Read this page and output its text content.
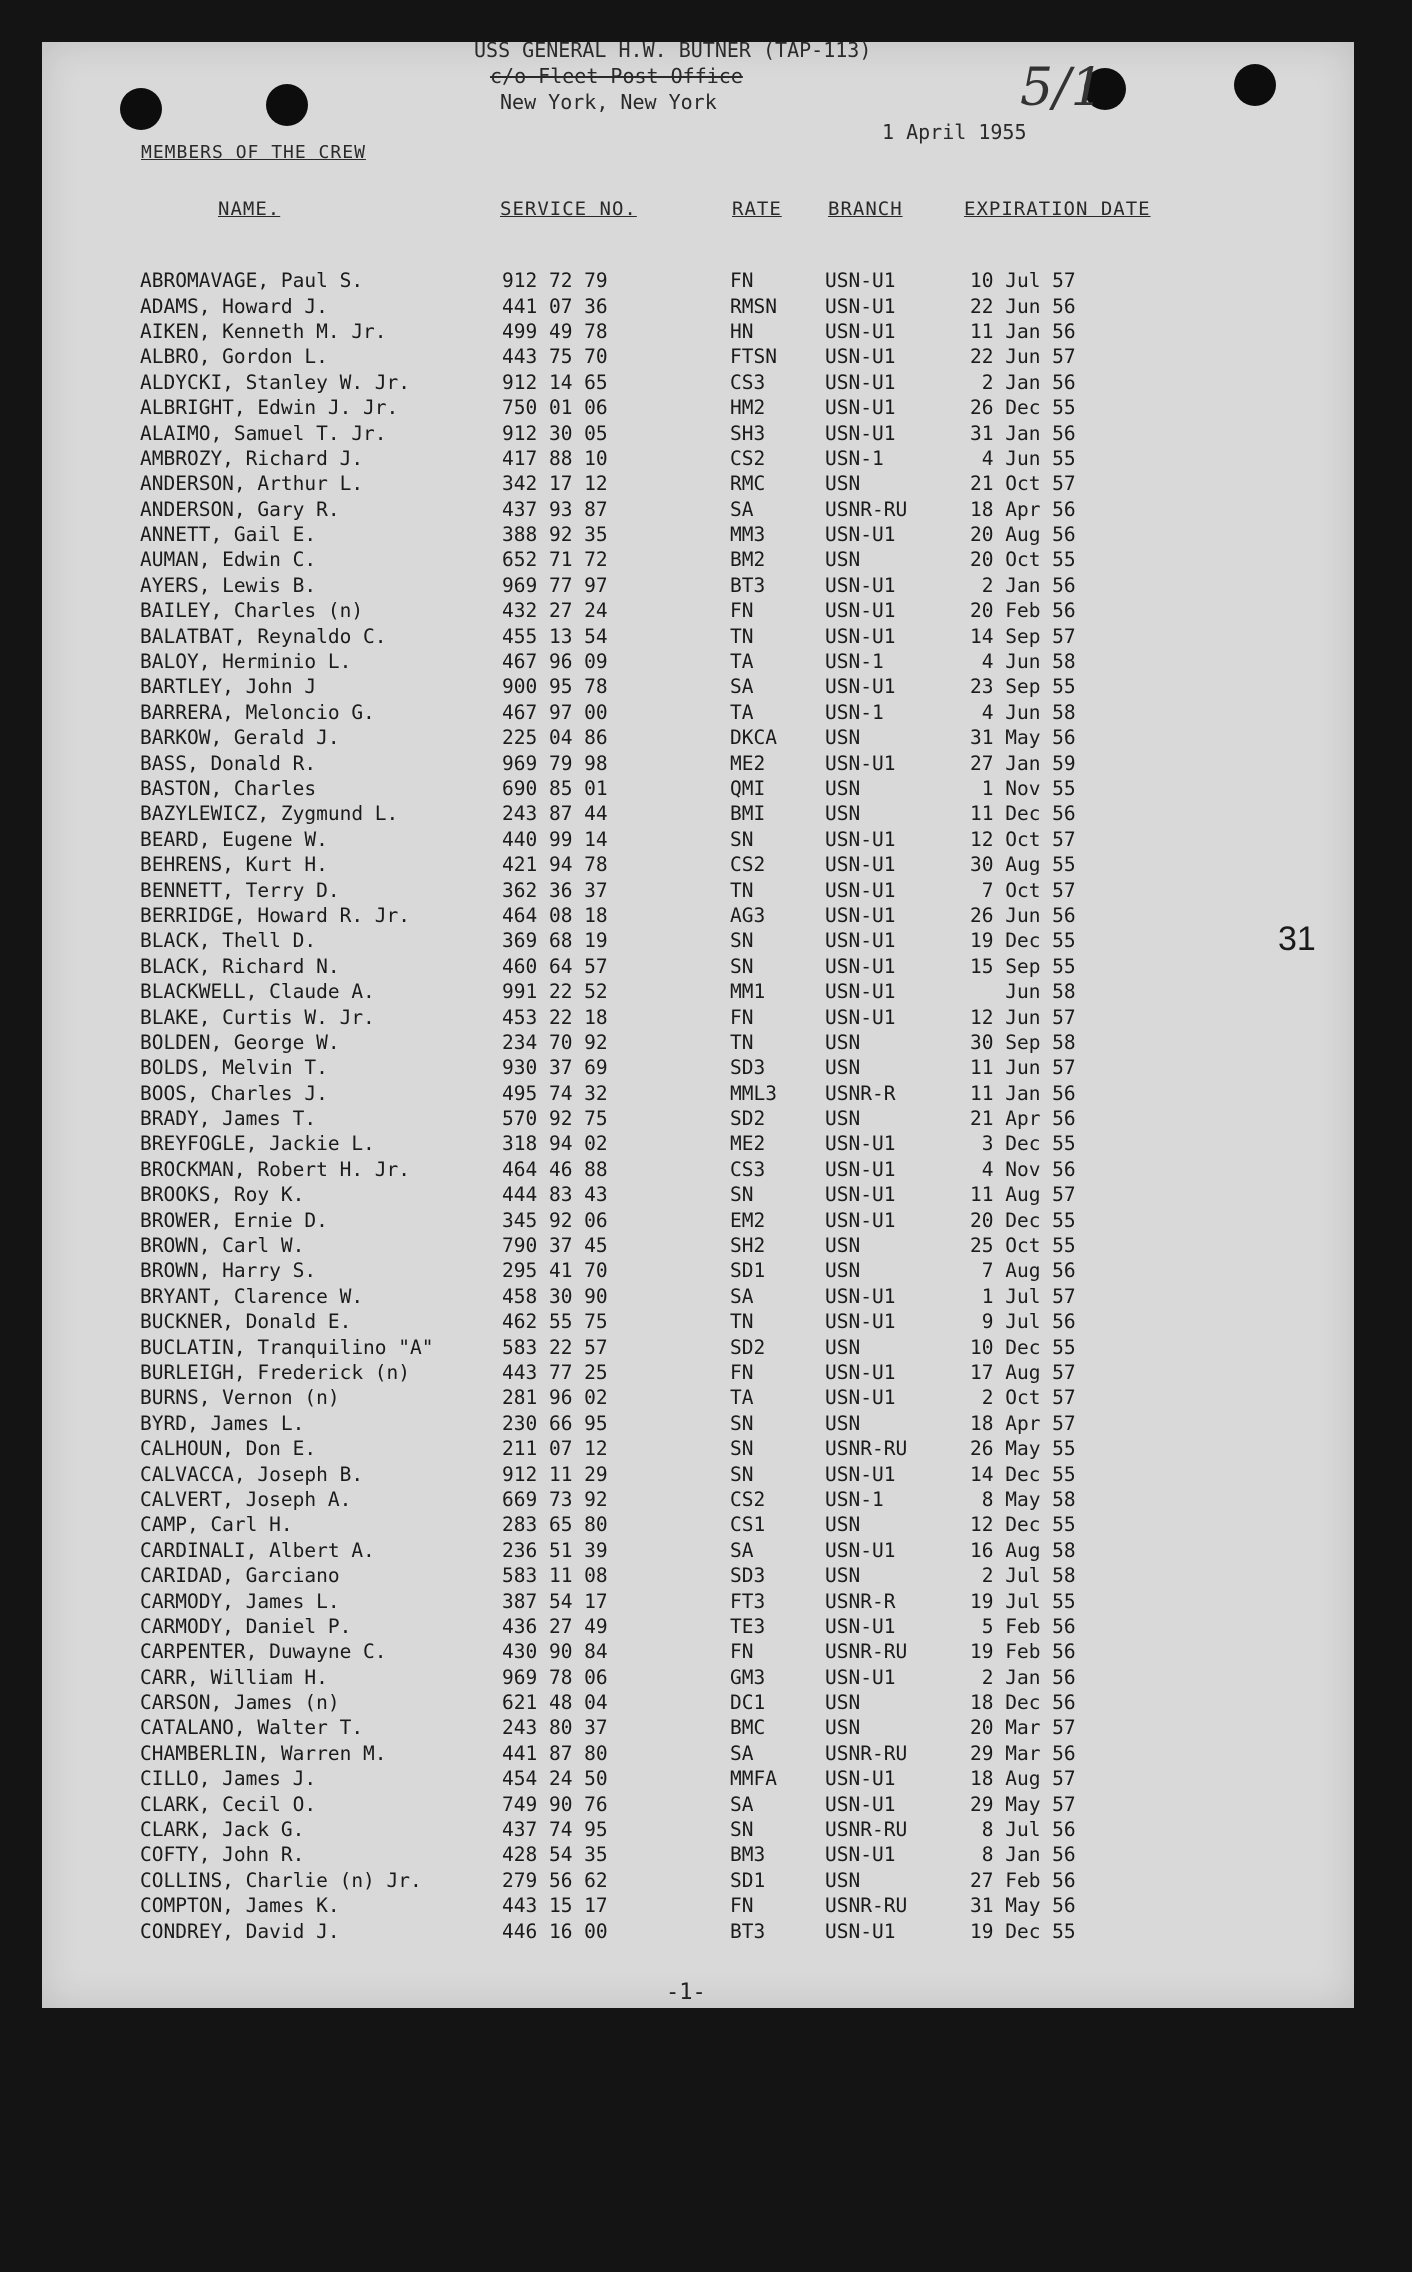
USS GENERAL H.W. BUTNER (TAP-113)
c/o Fleet Post Office
New York, New York
1 April 1955
5/1
31
MEMBERS OF THE CREW
NAME.	SERVICE NO.	RATE BRANCH	EXPIRATION DATE
ABROMAVAGE, Paul S.	912 72 79	FN	USN-U1	10 Jul 57
ADAMS, Howard J.	441 07 36	RMSN	USN-U1	22 Jun 56
AIKEN, Kenneth M. Jr.	499 49 78	HN	USN-U1	11 Jan 56
ALBRO, Gordon L.	443 75 70	FTSN	USN-U1	22 Jun 57
ALDYCKI, Stanley W. Jr.	912 14 65	CS3	USN-U1	2 Jan 56
ALBRIGHT, Edwin J. Jr.	750 01 06	HM2	USN-U1	26 Dec 55
ALAIMO, Samuel T. Jr.	912 30 05	SH3	USN-U1	31 Jan 56
AMBROZY, Richard J.	417 88 10	CS2	USN-1	4 Jun 55
ANDERSON, Arthur L.	342 17 12	RMC	USN	21 Oct 57
ANDERSON, Gary R.	437 93 87	SA	USNR-RU	18 Apr 56
ANNETT, Gail E.	388 92 35	MM3	USN-U1	20 Aug 56
AUMAN, Edwin C.	652 71 72	BM2	USN	20 Oct 55
AYERS, Lewis B.	969 77 97	BT3	USN-U1	2 Jan 56
BAILEY, Charles (n)	432 27 24	FN	USN-U1	20 Feb 56
BALATBAT, Reynaldo C.	455 13 54	TN	USN-U1	14 Sep 57
BALOY, Herminio L.	467 96 09	TA	USN-1	4 Jun 58
BARTLEY, John J	900 95 78	SA	USN-U1	23 Sep 55
BARRERA, Meloncio G.	467 97 00	TA	USN-1	4 Jun 58
BARKOW, Gerald J.	225 04 86	DKCA	USN	31 May 56
BASS, Donald R.	969 79 98	ME2	USN-U1	27 Jan 59
BASTON, Charles	690 85 01	QMI	USN	1 Nov 55
BAZYLEWICZ, Zygmund L.	243 87 44	BMI	USN	11 Dec 56
BEARD, Eugene W.	440 99 14	SN	USN-U1	12 Oct 57
BEHRENS, Kurt H.	421 94 78	CS2	USN-U1	30 Aug 55
BENNETT, Terry D.	362 36 37	TN	USN-U1	7 Oct 57
BERRIDGE, Howard R. Jr.	464 08 18	AG3	USN-U1	26 Jun 56
BLACK, Thell D.	369 68 19	SN	USN-U1	19 Dec 55
BLACK, Richard N.	460 64 57	SN	USN-U1	15 Sep 55
BLACKWELL, Claude A.	991 22 52	MM1	USN-U1	Jun 58
BLAKE, Curtis W. Jr.	453 22 18	FN	USN-U1	12 Jun 57
BOLDEN, George W.	234 70 92	TN	USN	30 Sep 58
BOLDS, Melvin T.	930 37 69	SD3	USN	11 Jun 57
BOOS, Charles J.	495 74 32	MML3	USNR-R	11 Jan 56
BRADY, James T.	570 92 75	SD2	USN	21 Apr 56
BREYFOGLE, Jackie L.	318 94 02	ME2	USN-U1	3 Dec 55
BROCKMAN, Robert H. Jr.	464 46 88	CS3	USN-U1	4 Nov 56
BROOKS, Roy K.	444 83 43	SN	USN-U1	11 Aug 57
BROWER, Ernie D.	345 92 06	EM2	USN-U1	20 Dec 55
BROWN, Carl W.	790 37 45	SH2	USN	25 Oct 55
BROWN, Harry S.	295 41 70	SD1	USN	7 Aug 56
BRYANT, Clarence W.	458 30 90	SA	USN-U1	1 Jul 57
BUCKNER, Donald E.	462 55 75	TN	USN-U1	9 Jul 56
BUCLATIN, Tranquilino "A"	583 22 57	SD2	USN	10 Dec 55
BURLEIGH, Frederick (n)	443 77 25	FN	USN-U1	17 Aug 57
BURNS, Vernon (n)	281 96 02	TA	USN-U1	2 Oct 57
BYRD, James L.	230 66 95	SN	USN	18 Apr 57
CALHOUN, Don E.	211 07 12	SN	USNR-RU	26 May 55
CALVACCA, Joseph B.	912 11 29	SN	USN-U1	14 Dec 55
CALVERT, Joseph A.	669 73 92	CS2	USN-1	8 May 58
CAMP, Carl H.	283 65 80	CS1	USN	12 Dec 55
CARDINALI, Albert A.	236 51 39	SA	USN-U1	16 Aug 58
CARIDAD, Garciano	583 11 08	SD3	USN	2 Jul 58
CARMODY, James L.	387 54 17	FT3	USNR-R	19 Jul 55
CARMODY, Daniel P.	436 27 49	TE3	USN-U1	5 Feb 56
CARPENTER, Duwayne C.	430 90 84	FN	USNR-RU	19 Feb 56
CARR, William H.	969 78 06	GM3	USN-U1	2 Jan 56
CARSON, James (n)	621 48 04	DC1	USN	18 Dec 56
CATALANO, Walter T.	243 80 37	BMC	USN	20 Mar 57
CHAMBERLIN, Warren M.	441 87 80	SA	USNR-RU	29 Mar 56
CILLO, James J.	454 24 50	MMFA	USN-U1	18 Aug 57
CLARK, Cecil O.	749 90 76	SA	USN-U1	29 May 57
CLARK, Jack G.	437 74 95	SN	USNR-RU	8 Jul 56
COFTY, John R.	428 54 35	BM3	USN-U1	8 Jan 56
COLLINS, Charlie (n) Jr.	279 56 62	SD1	USN	27 Feb 56
COMPTON, James K.	443 15 17	FN	USNR-RU	31 May 56
CONDREY, David J.	446 16 00	BT3	USN-U1	19 Dec 55
-1-
